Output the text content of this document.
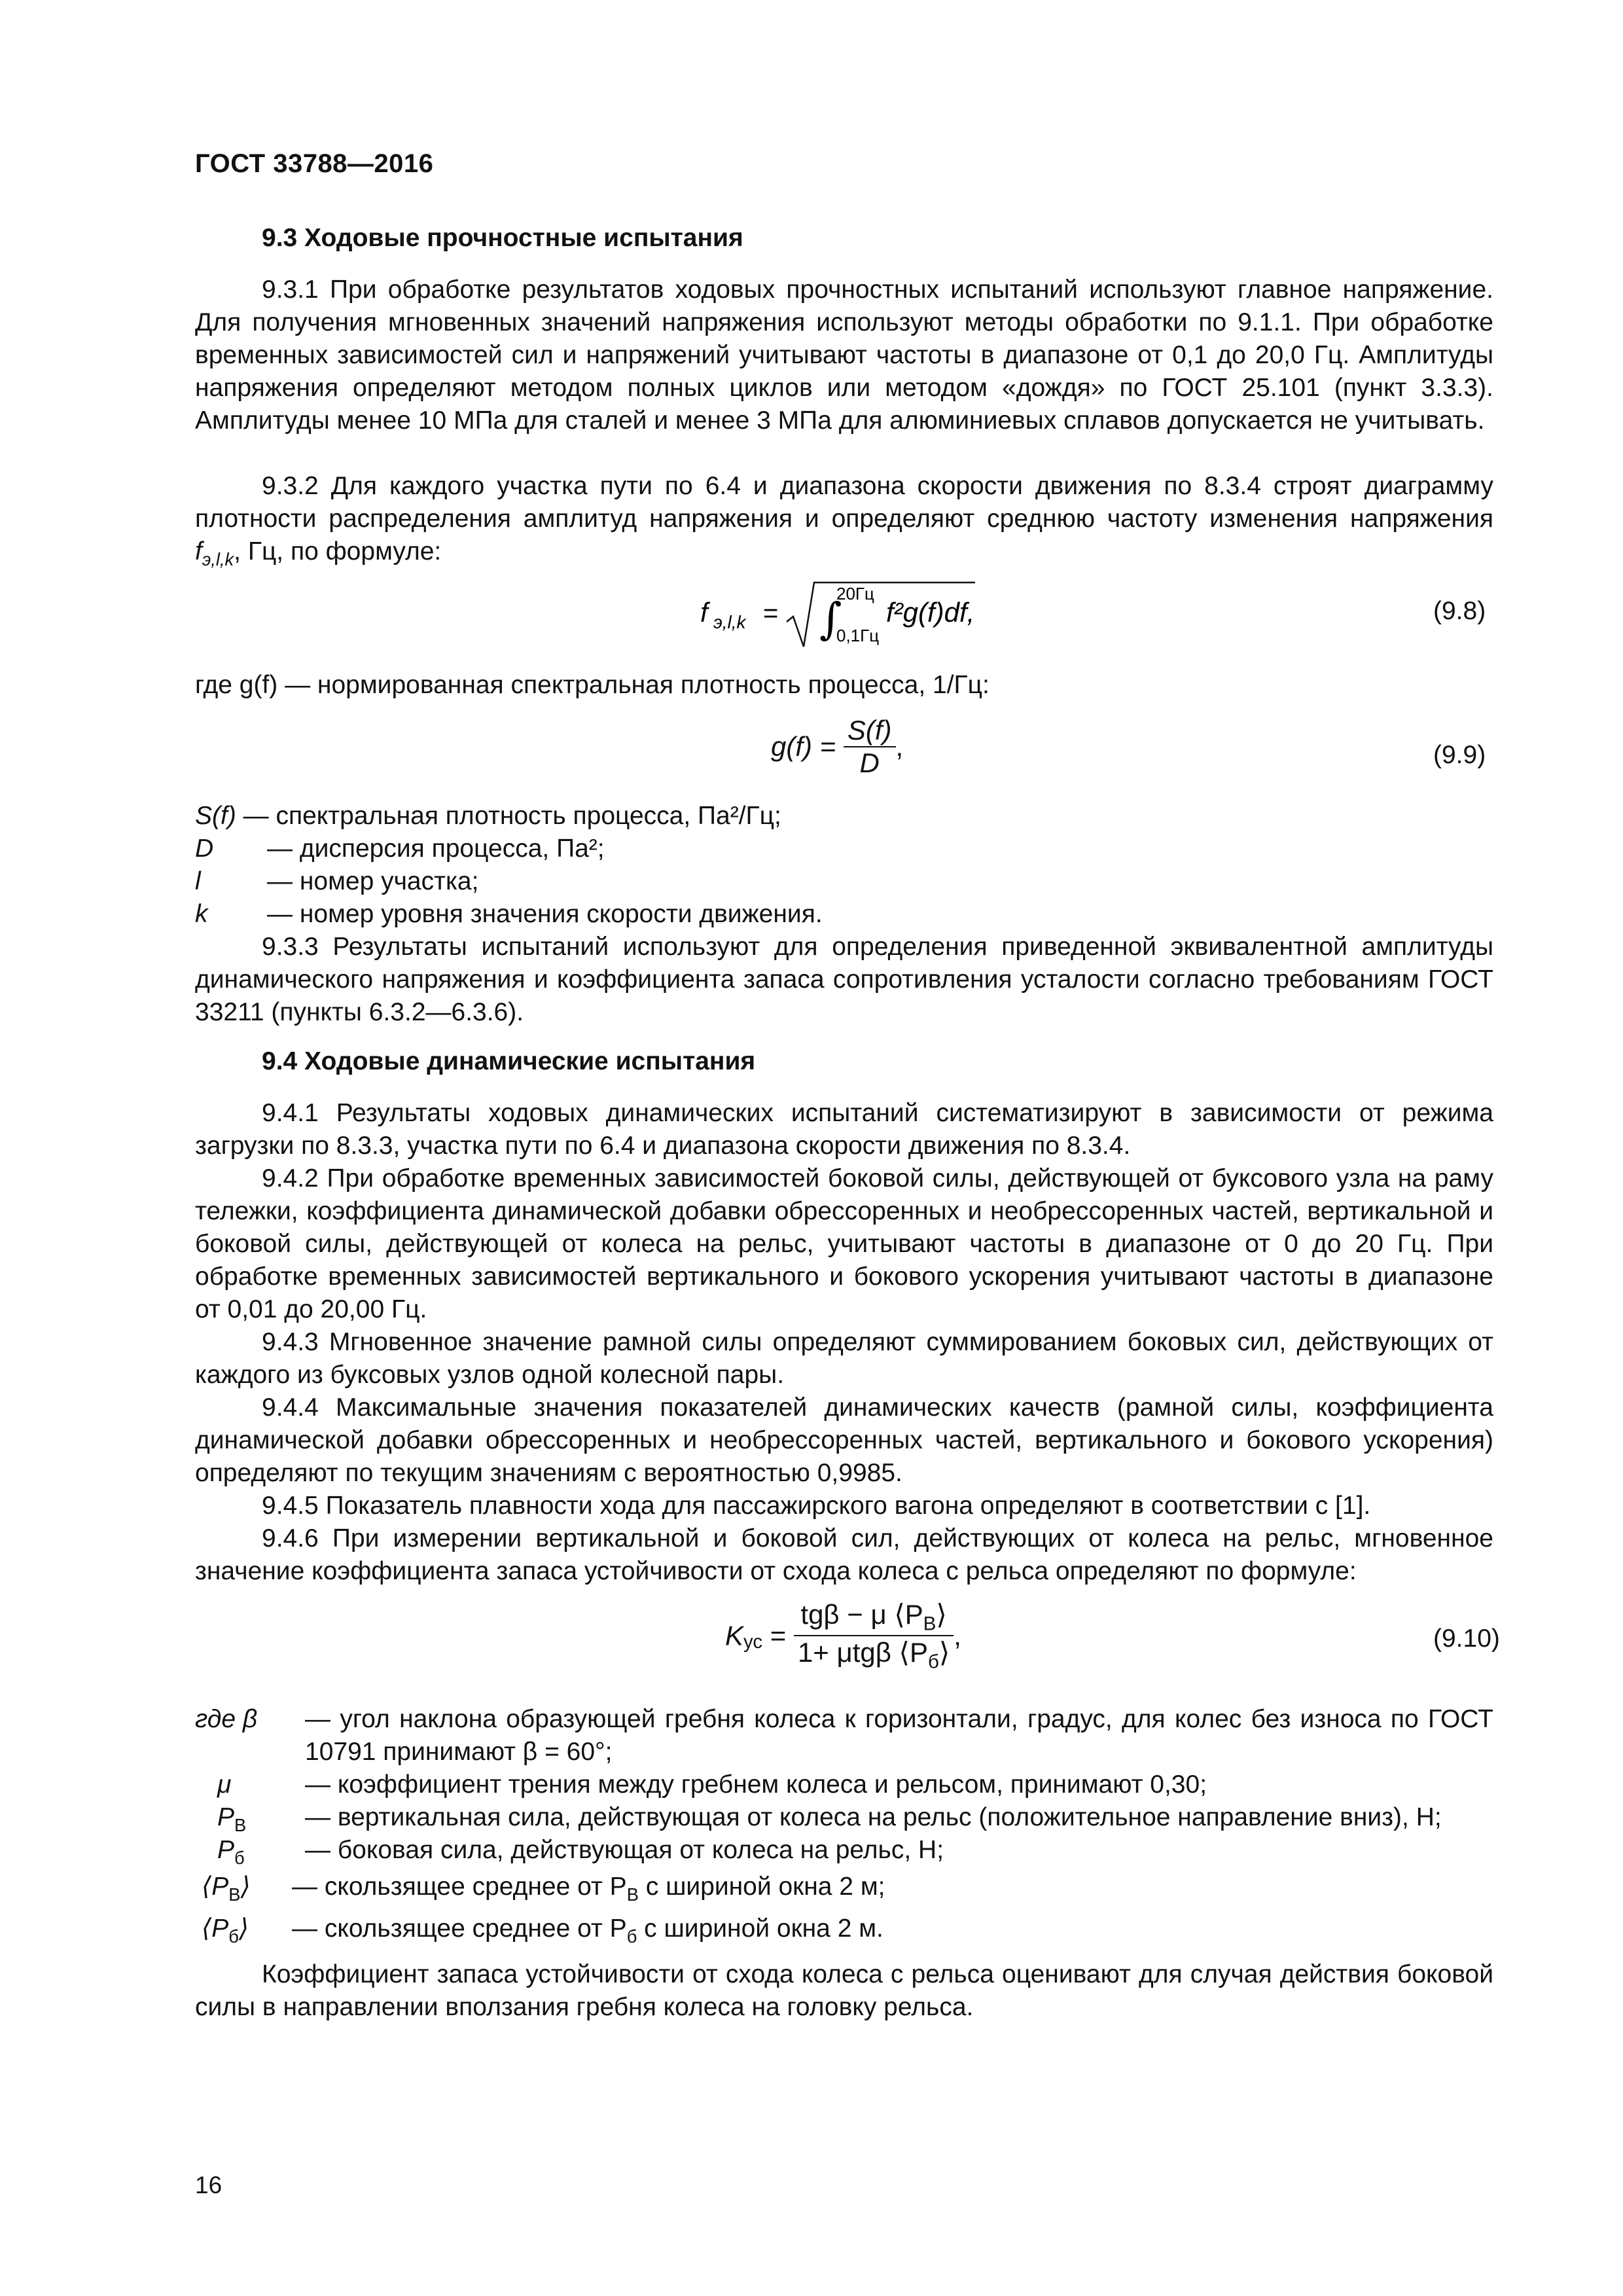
ГОСТ 33788—2016
9.3 Ходовые прочностные испытания

9.3.1 При обработке результатов ходовых прочностных испытаний используют главное напряжение. Для получения мгновенных значений напряжения используют методы обработки по 9.1.1. При обработке временных зависимостей сил и напряжений учитывают частоты в диапазоне от 0,1 до 20,0 Гц. Амплитуды напряжения определяют методом полных циклов или методом «дождя» по ГОСТ 25.101 (пункт 3.3.3). Амплитуды менее 10 МПа для сталей и менее 3 МПа для алюминиевых сплавов допускается не учитывать.

9.3.2 Для каждого участка пути по 6.4 и диапазона скорости движения по 8.3.4 строят диаграмму плотности распределения амплитуд напряжения и определяют среднюю частоту изменения напряжения $f_{э,l,k}$, Гц, по формуле:

f э,l,k = ∫
20Гц
0,1Гц
f²g(f)df,	(9.8)
где g(f) — нормированная спектральная плотность процесса, 1/Гц:
$g(f) = \frac{S(f)}{D}$ ,	(9.9)
S(f) — спектральная плотность процесса, Па²/Гц;
D — дисперсия процесса, Па²;
l	— номер участка;
k — номер уровня значения скорости движения.

9.3.3 Результаты испытаний используют для определения приведенной эквивалентной амплитуды динамического напряжения и коэффициента запаса сопротивления усталости согласно требованиям ГОСТ 33211 (пункты 6.3.2—6.3.6).

9.4 Ходовые динамические испытания

9.4.1 Результаты ходовых динамических испытаний систематизируют в зависимости от режима загрузки по 8.3.3, участка пути по 6.4 и диапазона скорости движения по 8.3.4.

9.4.2 При обработке временных зависимостей боковой силы, действующей от буксового узла на раму тележки, коэффициента динамической добавки обрессоренных и необрессоренных частей, вертикальной и боковой силы, действующей от колеса на рельс, учитывают частоты в диапазоне от 0 до 20 Гц. При обработке временных зависимостей вертикального и бокового ускорения учитывают частоты в диапазоне от 0,01 до 20,00 Гц.

9.4.3 Мгновенное значение рамной силы определяют суммированием боковых сил, действующих от каждого из буксовых узлов одной колесной пары.

9.4.4 Максимальные значения показателей динамических качеств (рамной силы, коэффициента динамической добавки обрессоренных и необрессоренных частей, вертикального и бокового ускорения) определяют по текущим значениям с вероятностью 0,9985.

9.4.5 Показатель плавности хода для пассажирского вагона определяют в соответствии с [1].

9.4.6 При измерении вертикальной и боковой сил, действующих от колеса на рельс, мгновенное значение коэффициента запаса устойчивости от схода колеса с рельса определяют по формуле:

$K_{ус} = \frac{tg\beta - \mu ⟨P_В⟩}{1+ \mu tg\beta ⟨P_б⟩}$ ,	(9.10)
где β	— угол наклона образующей гребня колеса к горизонтали, градус, для колес без износа по ГОСТ 10791 принимают β = 60°;
μ	— коэффициент трения между гребнем колеса и рельсом, принимают 0,30;
$P_В$	— вертикальная сила, действующая от колеса на рельс (положительное направление вниз), Н;
$P_б$	— боковая сила, действующая от колеса на рельс, Н;
$⟨P_В⟩$	— скользящее среднее от $P_В$ с шириной окна 2 м;
$⟨P_б⟩$	— скользящее среднее от $P_б$ с шириной окна 2 м.

Коэффициент запаса устойчивости от схода колеса с рельса оценивают для случая действия боковой силы в направлении вползания гребня колеса на головку рельса.

16
